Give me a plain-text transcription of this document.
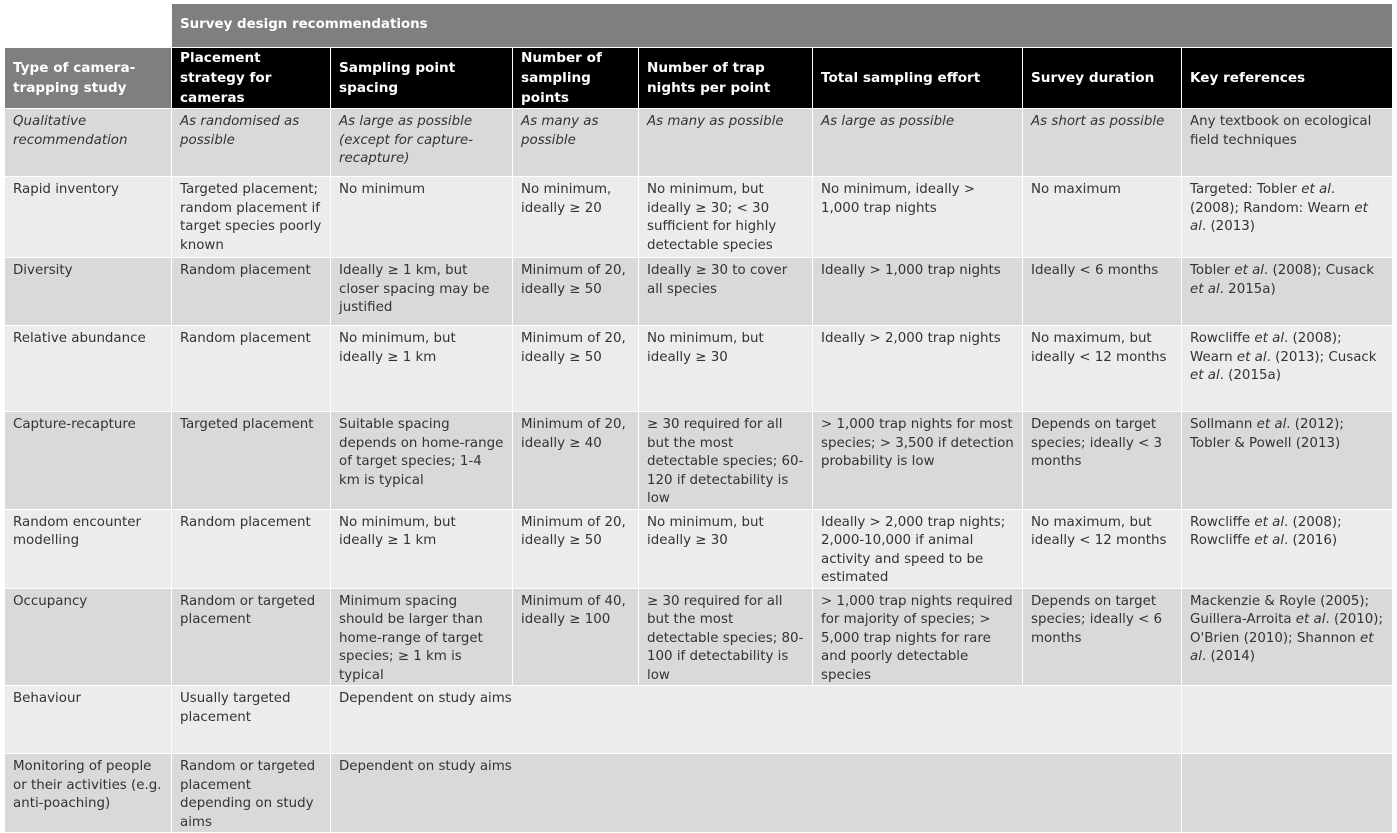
	Survey design recommendations						
Type of camera-trapping study	Placement strategy for cameras	Sampling point spacing	Number of sampling points	Number of trap nights per point	Total sampling effort	Survey duration	Key references
Qualitative recommendation	As randomised as possible	As large as possible (except for capture-recapture)	As many as possible	As many as possible	As large as possible	As short as possible	Any textbook on ecological field techniques
Rapid inventory	Targeted placement; random placement if target species poorly known	No minimum	No minimum, ideally ≥ 20	No minimum, but ideally ≥ 30; < 30 sufficient for highly detectable species	No minimum, ideally > 1,000 trap nights	No maximum	Targeted: Tobler et al. (2008); Random: Wearn et al. (2013)
Diversity	Random placement	Ideally ≥ 1 km, but closer spacing may be justified	Minimum of 20, ideally ≥ 50	Ideally ≥ 30 to cover all species	Ideally > 1,000 trap nights	Ideally < 6 months	Tobler et al. (2008); Cusack et al. 2015a)
Relative abundance	Random placement	No minimum, but ideally ≥ 1 km	Minimum of 20, ideally ≥ 50	No minimum, but ideally ≥ 30	Ideally > 2,000 trap nights	No maximum, but ideally < 12 months	Rowcliffe et al. (2008); Wearn et al. (2013); Cusack et al. (2015a)
Capture-recapture	Targeted placement	Suitable spacing depends on home-range of target species; 1-4 km is typical	Minimum of 20, ideally ≥ 40	≥ 30 required for all but the most detectable species; 60-120 if detectability is low	> 1,000 trap nights for most species; > 3,500 if detection probability is low	Depends on target species; ideally < 3 months	Sollmann et al. (2012); Tobler & Powell (2013)
Random encounter modelling	Random placement	No minimum, but ideally ≥ 1 km	Minimum of 20, ideally ≥ 50	No minimum, but ideally ≥ 30	Ideally > 2,000 trap nights; 2,000-10,000 if animal activity and speed to be estimated	No maximum, but ideally < 12 months	Rowcliffe et al. (2008); Rowcliffe et al. (2016)
Occupancy	Random or targeted placement	Minimum spacing should be larger than home-range of target species; ≥ 1 km is typical	Minimum of 40, ideally ≥ 100	≥ 30 required for all but the most detectable species; 80-100 if detectability is low	> 1,000 trap nights required for majority of species; > 5,000 trap nights for rare and poorly detectable species	Depends on target species; ideally < 6 months	Mackenzie & Royle (2005); Guillera-Arroita et al. (2010); O'Brien (2010); Shannon et al. (2014)
Behaviour	Usually targeted placement	Dependent on study aims					
Monitoring of people or their activities (e.g. anti-poaching)	Random or targeted placement depending on study aims	Dependent on study aims					
